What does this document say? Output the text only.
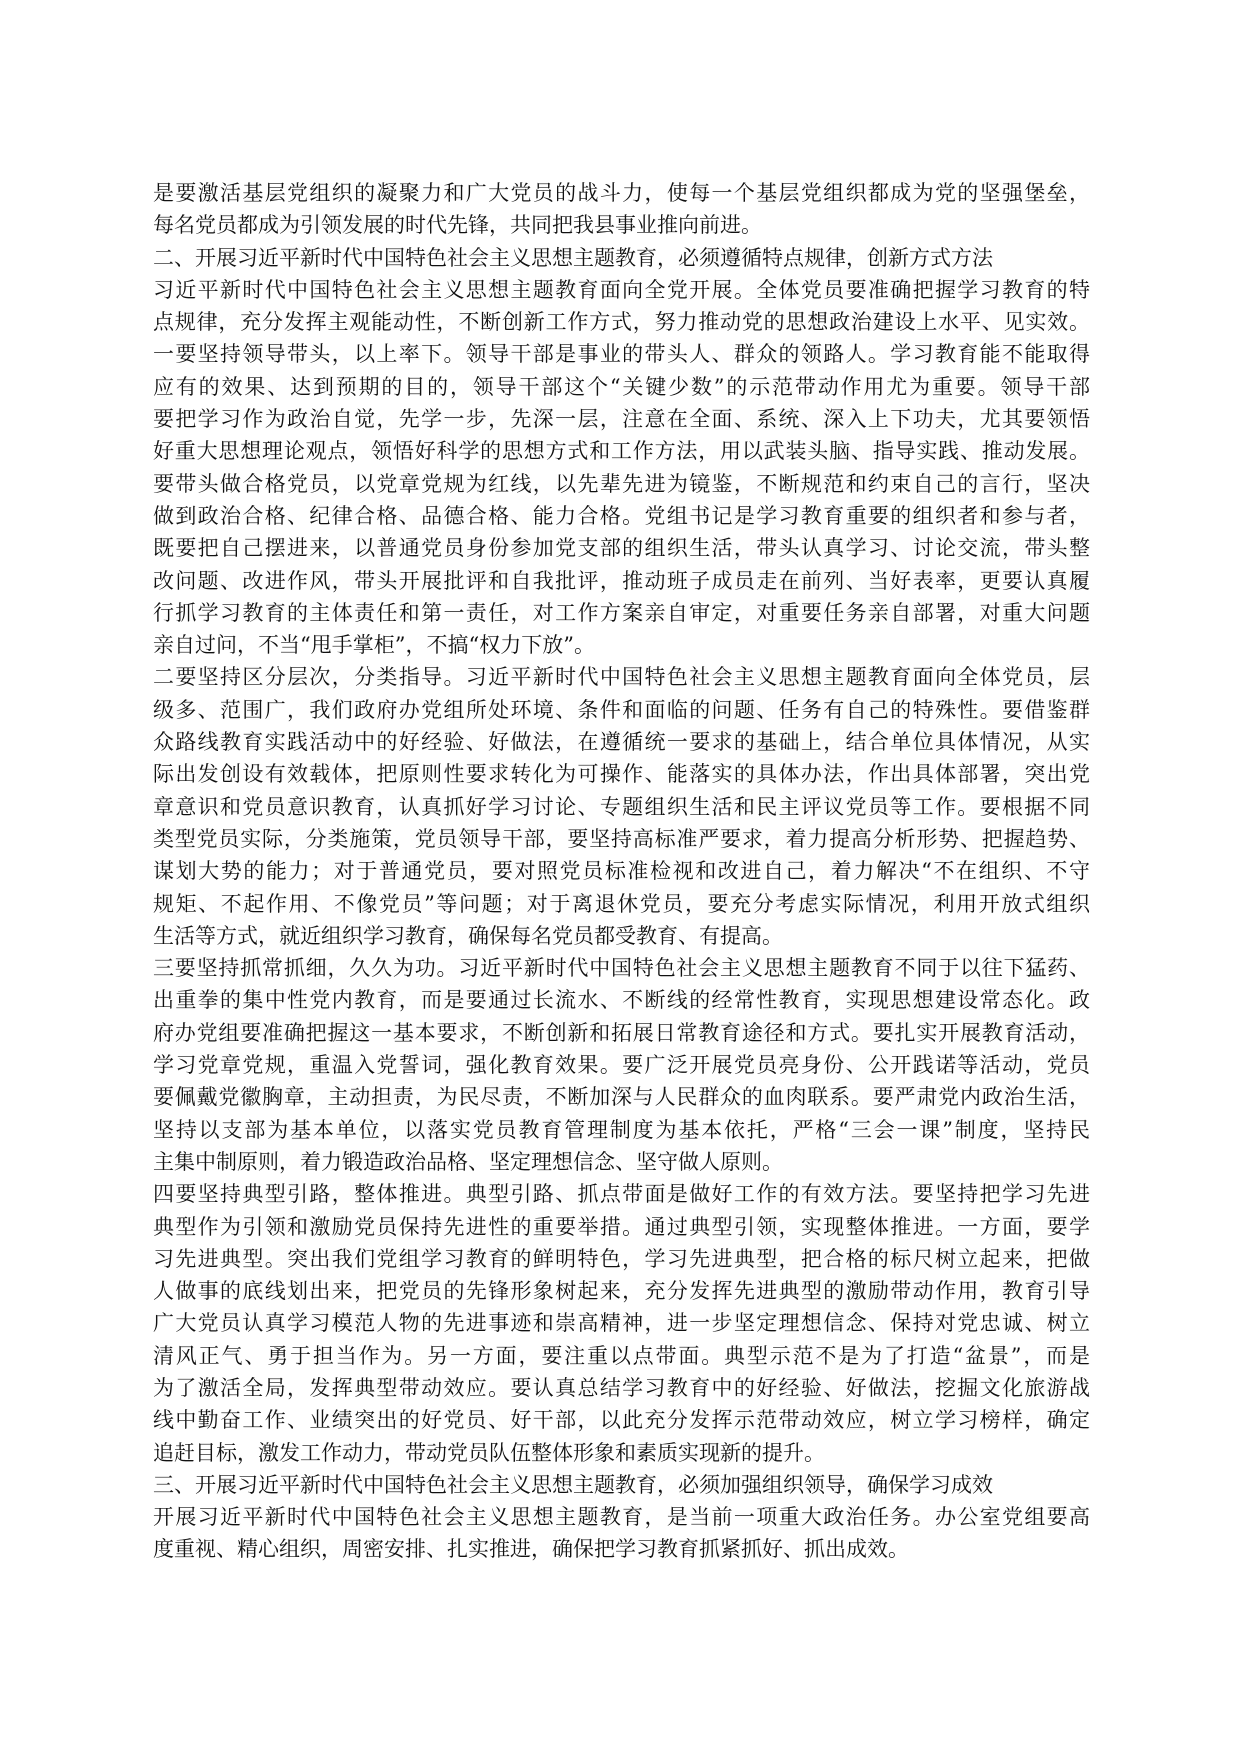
是要激活基层党组织的凝聚力和广大党员的战斗力，使每一个基层党组织都成为党的坚强堡垒，
每名党员都成为引领发展的时代先锋，共同把我县事业推向前进。
二、开展习近平新时代中国特色社会主义思想主题教育，必须遵循特点规律，创新方式方法
习近平新时代中国特色社会主义思想主题教育面向全党开展。全体党员要准确把握学习教育的特
点规律，充分发挥主观能动性，不断创新工作方式，努力推动党的思想政治建设上水平、见实效。
一要坚持领导带头，以上率下。领导干部是事业的带头人、群众的领路人。学习教育能不能取得
应有的效果、达到预期的目的，领导干部这个“关键少数”的示范带动作用尤为重要。领导干部
要把学习作为政治自觉，先学一步，先深一层，注意在全面、系统、深入上下功夫，尤其要领悟
好重大思想理论观点，领悟好科学的思想方式和工作方法，用以武装头脑、指导实践、推动发展。
要带头做合格党员，以党章党规为红线，以先辈先进为镜鉴，不断规范和约束自己的言行，坚决
做到政治合格、纪律合格、品德合格、能力合格。党组书记是学习教育重要的组织者和参与者，
既要把自己摆进来，以普通党员身份参加党支部的组织生活，带头认真学习、讨论交流，带头整
改问题、改进作风，带头开展批评和自我批评，推动班子成员走在前列、当好表率，更要认真履
行抓学习教育的主体责任和第一责任，对工作方案亲自审定，对重要任务亲自部署，对重大问题
亲自过问，不当“甩手掌柜”，不搞“权力下放”。
二要坚持区分层次，分类指导。习近平新时代中国特色社会主义思想主题教育面向全体党员，层
级多、范围广，我们政府办党组所处环境、条件和面临的问题、任务有自己的特殊性。要借鉴群
众路线教育实践活动中的好经验、好做法，在遵循统一要求的基础上，结合单位具体情况，从实
际出发创设有效载体，把原则性要求转化为可操作、能落实的具体办法，作出具体部署，突出党
章意识和党员意识教育，认真抓好学习讨论、专题组织生活和民主评议党员等工作。要根据不同
类型党员实际，分类施策，党员领导干部，要坚持高标准严要求，着力提高分析形势、把握趋势、
谋划大势的能力；对于普通党员，要对照党员标准检视和改进自己，着力解决“不在组织、不守
规矩、不起作用、不像党员”等问题；对于离退休党员，要充分考虑实际情况，利用开放式组织
生活等方式，就近组织学习教育，确保每名党员都受教育、有提高。
三要坚持抓常抓细，久久为功。习近平新时代中国特色社会主义思想主题教育不同于以往下猛药、
出重拳的集中性党内教育，而是要通过长流水、不断线的经常性教育，实现思想建设常态化。政
府办党组要准确把握这一基本要求，不断创新和拓展日常教育途径和方式。要扎实开展教育活动，
学习党章党规，重温入党誓词，强化教育效果。要广泛开展党员亮身份、公开践诺等活动，党员
要佩戴党徽胸章，主动担责，为民尽责，不断加深与人民群众的血肉联系。要严肃党内政治生活，
坚持以支部为基本单位，以落实党员教育管理制度为基本依托，严格“三会一课”制度，坚持民
主集中制原则，着力锻造政治品格、坚定理想信念、坚守做人原则。
四要坚持典型引路，整体推进。典型引路、抓点带面是做好工作的有效方法。要坚持把学习先进
典型作为引领和激励党员保持先进性的重要举措。通过典型引领，实现整体推进。一方面，要学
习先进典型。突出我们党组学习教育的鲜明特色，学习先进典型，把合格的标尺树立起来，把做
人做事的底线划出来，把党员的先锋形象树起来，充分发挥先进典型的激励带动作用，教育引导
广大党员认真学习模范人物的先进事迹和崇高精神，进一步坚定理想信念、保持对党忠诚、树立
清风正气、勇于担当作为。另一方面，要注重以点带面。典型示范不是为了打造“盆景”，而是
为了激活全局，发挥典型带动效应。要认真总结学习教育中的好经验、好做法，挖掘文化旅游战
线中勤奋工作、业绩突出的好党员、好干部，以此充分发挥示范带动效应，树立学习榜样，确定
追赶目标，激发工作动力，带动党员队伍整体形象和素质实现新的提升。
三、开展习近平新时代中国特色社会主义思想主题教育，必须加强组织领导，确保学习成效
开展习近平新时代中国特色社会主义思想主题教育，是当前一项重大政治任务。办公室党组要高
度重视、精心组织，周密安排、扎实推进，确保把学习教育抓紧抓好、抓出成效。
